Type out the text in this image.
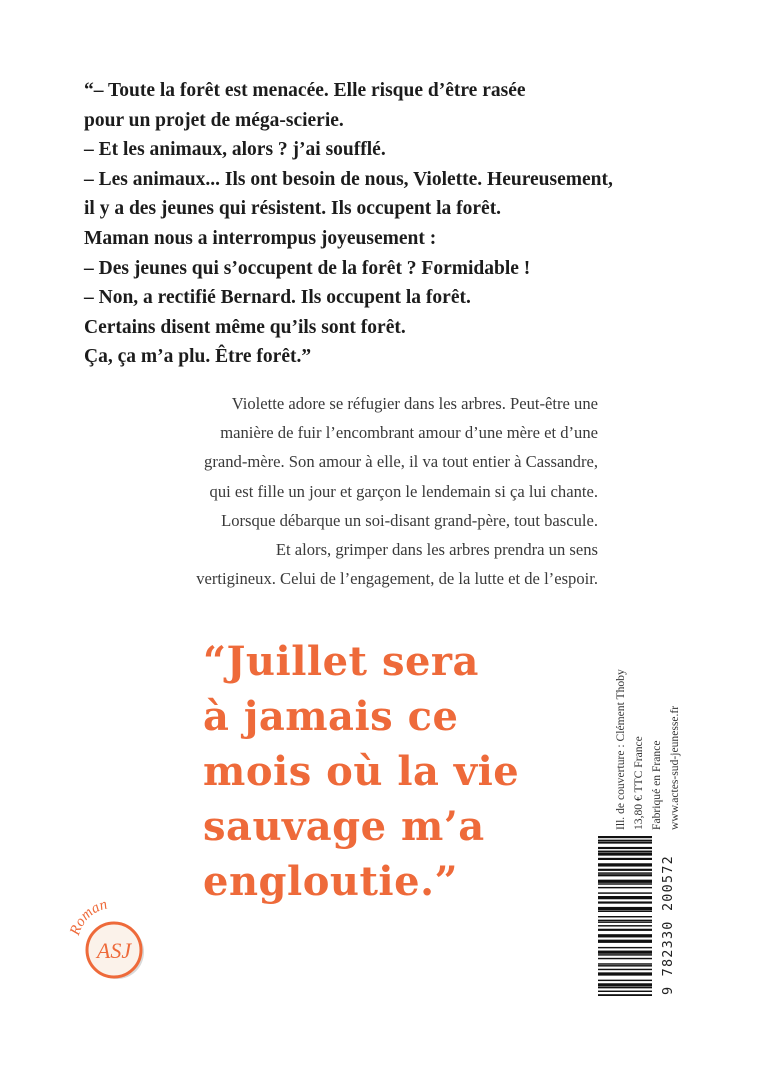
“– Toute la forêt est menacée. Elle risque d’être rasée
pour un projet de méga-scierie.
– Et les animaux, alors ? j’ai soufflé.
– Les animaux... Ils ont besoin de nous, Violette. Heureusement,
il y a des jeunes qui résistent. Ils occupent la forêt.
Maman nous a interrompus joyeusement :
– Des jeunes qui s’occupent de la forêt ? Formidable !
– Non, a rectifié Bernard. Ils occupent la forêt.
Certains disent même qu’ils sont forêt.
Ça, ça m’a plu. Être forêt.”
Violette adore se réfugier dans les arbres. Peut-être une
manière de fuir l’encombrant amour d’une mère et d’une
grand-mère. Son amour à elle, il va tout entier à Cassandre,
qui est fille un jour et garçon le lendemain si ça lui chante.
Lorsque débarque un soi-disant grand-père, tout bascule.
Et alors, grimper dans les arbres prendra un sens
vertigineux. Celui de l’engagement, de la lutte et de l’espoir.
“Juillet sera
à jamais ce
mois où la vie
sauvage m’a
engloutie.”
Ill. de couverture : Clément Thoby 13,80 € TTC France Fabriqué en France www.actes-sud-jeunesse.fr
9 782330 200572
Roman
ASJ
